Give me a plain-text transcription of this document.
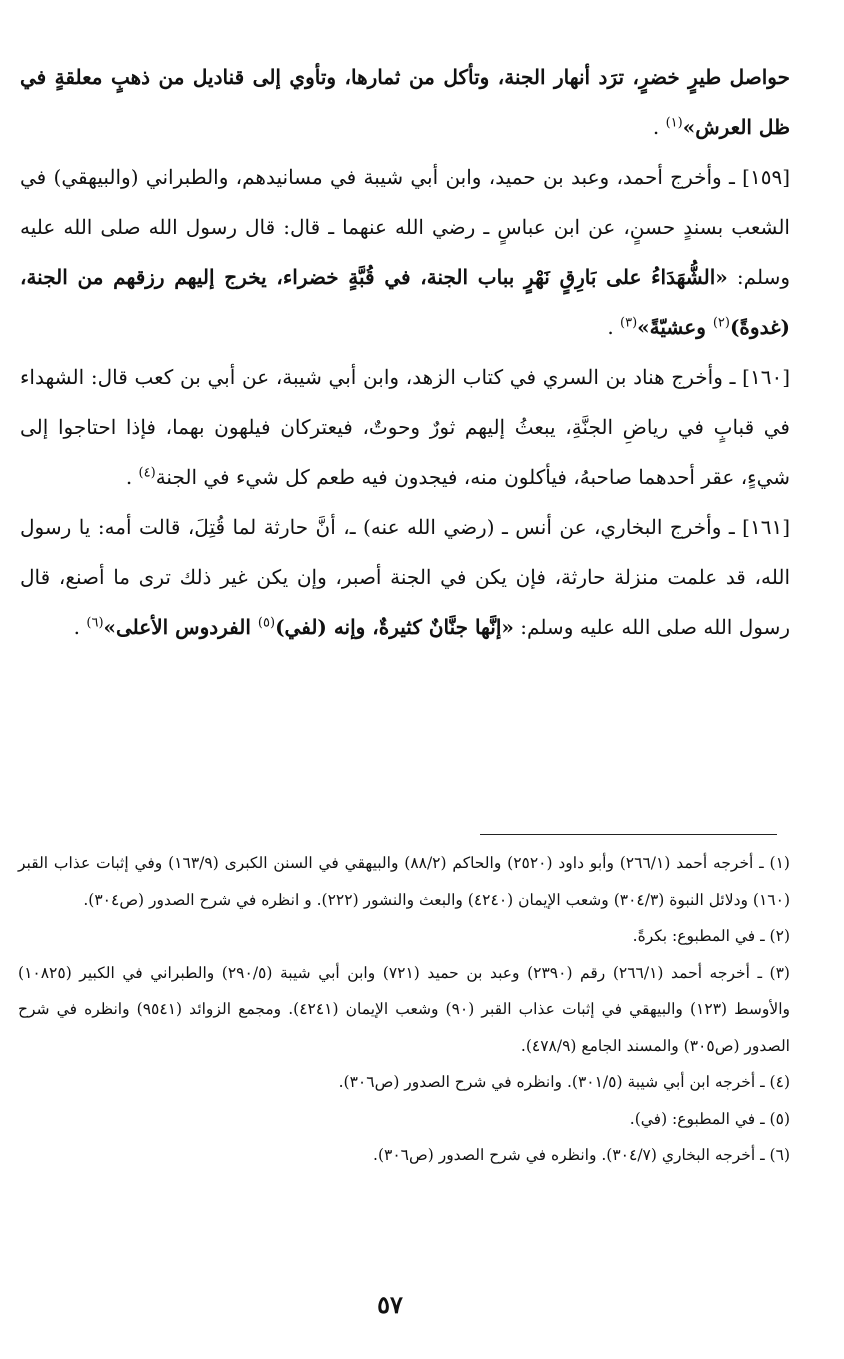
حواصل طيرٍ خضرٍ، ترَد أنهار الجنة، وتأكل من ثمارها، وتأوي إلى قناديل من ذهبٍ معلقةٍ في ظل العرش»$^{(١)}$ .

[١٥٩] ـ وأخرج أحمد، وعبد بن حميد، وابن أبي شيبة في مسانيدهم، والطبراني (والبيهقي) في الشعب بسندٍ حسنٍ، عن ابن عباسٍ ـ رضي الله عنهما ـ قال: قال رسول الله صلى الله عليه وسلم: «الشُّهَدَاءُ على بَارِقٍ نَهْرٍ بباب الجنة، في قُبَّةٍ خضراء، يخرج إليهم رزقهم من الجنة، (غدوةً)$^{(٢)}$ وعشيّةً»$^{(٣)}$ .

[١٦٠] ـ وأخرج هناد بن السري في كتاب الزهد، وابن أبي شيبة، عن أبي بن كعب قال: الشهداء في قبابٍ في رياضِ الجنَّةِ، يبعثُ إليهم ثورٌ وحوتٌ، فيعتركان فيلهون بهما، فإذا احتاجوا إلى شيءٍ، عقر أحدهما صاحبهُ، فيأكلون منه، فيجدون فيه طعم كل شيء في الجنة$^{(٤)}$ .

[١٦١] ـ وأخرج البخاري، عن أنس ـ (رضي الله عنه) ـ، أنَّ حارثة لما قُتِلَ، قالت أمه: يا رسول الله، قد علمت منزلة حارثة، فإن يكن في الجنة أصبر، وإن يكن غير ذلك ترى ما أصنع، قال رسول الله صلى الله عليه وسلم: «إنَّها جنَّانٌ كثيرةٌ، وإنه (لفي)$^{(٥)}$ الفردوس الأعلى»$^{(٦)}$ .

(١) ـ أخرجه أحمد (٢٦٦/١) وأبو داود (٢٥٢٠) والحاكم (٨٨/٢) والبيهقي في السنن الكبرى (١٦٣/٩) وفي إثبات عذاب القبر (١٦٠) ودلائل النبوة (٣٠٤/٣) وشعب الإيمان (٤٢٤٠) والبعث والنشور (٢٢٢). و انظره في شرح الصدور (ص٣٠٤).

(٢) ـ في المطبوع: بكرةً.

(٣) ـ أخرجه أحمد (٢٦٦/١) رقم (٢٣٩٠) وعبد بن حميد (٧٢١) وابن أبي شيبة (٢٩٠/٥) والطبراني في الكبير (١٠٨٢٥) والأوسط (١٢٣) والبيهقي في إثبات عذاب القبر (٩٠) وشعب الإيمان (٤٢٤١). ومجمع الزوائد (٩٥٤١) وانظره في شرح الصدور (ص٣٠٥) والمسند الجامع (٤٧٨/٩).

(٤) ـ أخرجه ابن أبي شيبة (٣٠١/٥). وانظره في شرح الصدور (ص٣٠٦).

(٥) ـ في المطبوع: (في).

(٦) ـ أخرجه البخاري (٣٠٤/٧). وانظره في شرح الصدور (ص٣٠٦).

٥٧
